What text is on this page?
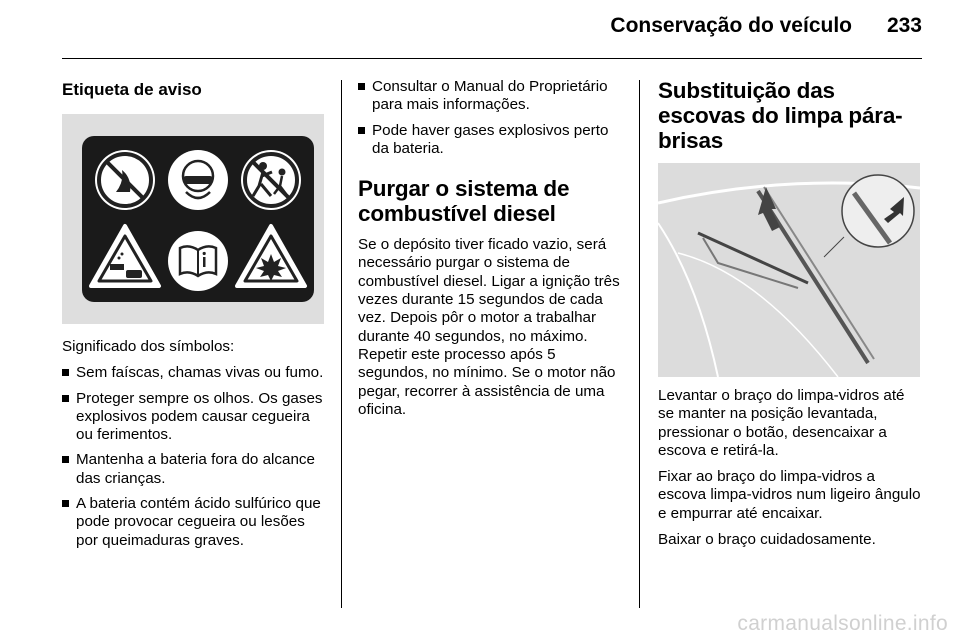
Conservação do veículo 233
Etiqueta de aviso

Significado dos símbolos:

Sem faíscas, chamas vivas ou fumo.
Proteger sempre os olhos. Os gases explosivos podem causar cegueira ou ferimentos.
Mantenha a bateria fora do alcance das crianças.
A bateria contém ácido sulfúrico que pode provocar cegueira ou lesões por queimaduras graves.
Consultar o Manual do Proprietário para mais informações.
Pode haver gases explosivos perto da bateria.
Purgar o sistema de combustível diesel

Se o depósito tiver ficado vazio, será necessário purgar o sistema de combustível diesel. Ligar a ignição três vezes durante 15 segundos de cada vez. Depois pôr o motor a trabalhar durante 40 segundos, no máximo. Repetir este processo após 5 segundos, no mínimo. Se o motor não pegar, recorrer à assistência de uma oficina.

Substituição das escovas do limpa pára-brisas

Levantar o braço do limpa-vidros até se manter na posição levantada, pressionar o botão, desencaixar a escova e retirá-la.

Fixar ao braço do limpa-vidros a escova limpa-vidros num ligeiro ângulo e empurrar até encaixar.

Baixar o braço cuidadosamente.

carmanualsonline.info
